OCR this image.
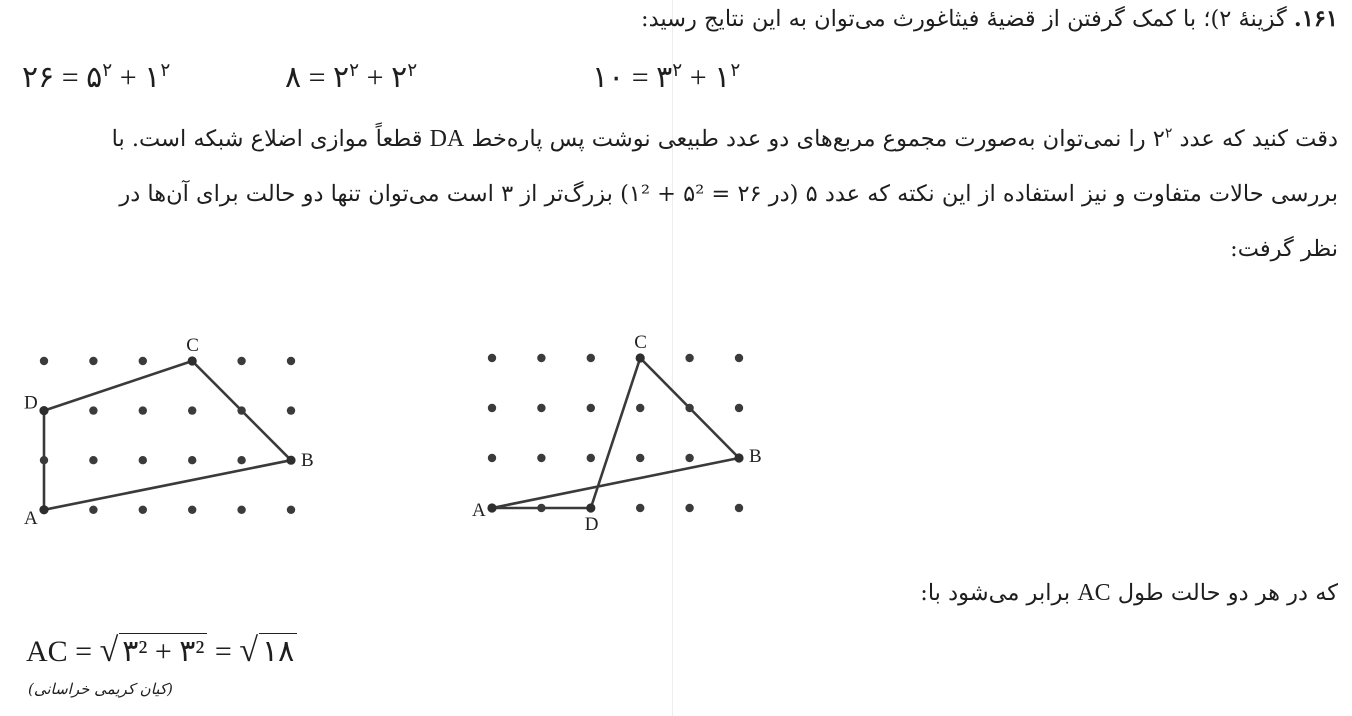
۱۶۱. گزینهٔ ۲)؛ با کمک گرفتن از قضیهٔ فیثاغورث می‌توان به این نتایج رسید:
۲۶ = $۵^۲$ + $۱^۲$	۸ = $۲^۲$ + $۲^۲$	۱۰ = $۳^۲$ + $۱^۲$
دقت کنید که عدد $۲^۲$ را نمی‌توان به‌صورت مجموع مربع‌های دو عدد طبیعی نوشت پس پاره‌خط DA قطعاً موازی اضلاع شبکه است. با
بررسی حالات متفاوت و نیز استفاده از این نکته که عدد ۵ (در ۲۶ = ۵² + ۱²) بزرگ‌تر از ۳ است می‌توان تنها دو حالت برای آن‌ها در
نظر گرفت:
A
B
C
D
A
B
C
D
که در هر دو حالت طول AC برابر می‌شود با:
AC = √ ۳² + ۳² = √ ۱۸
(کیان کریمی خراسانی)
